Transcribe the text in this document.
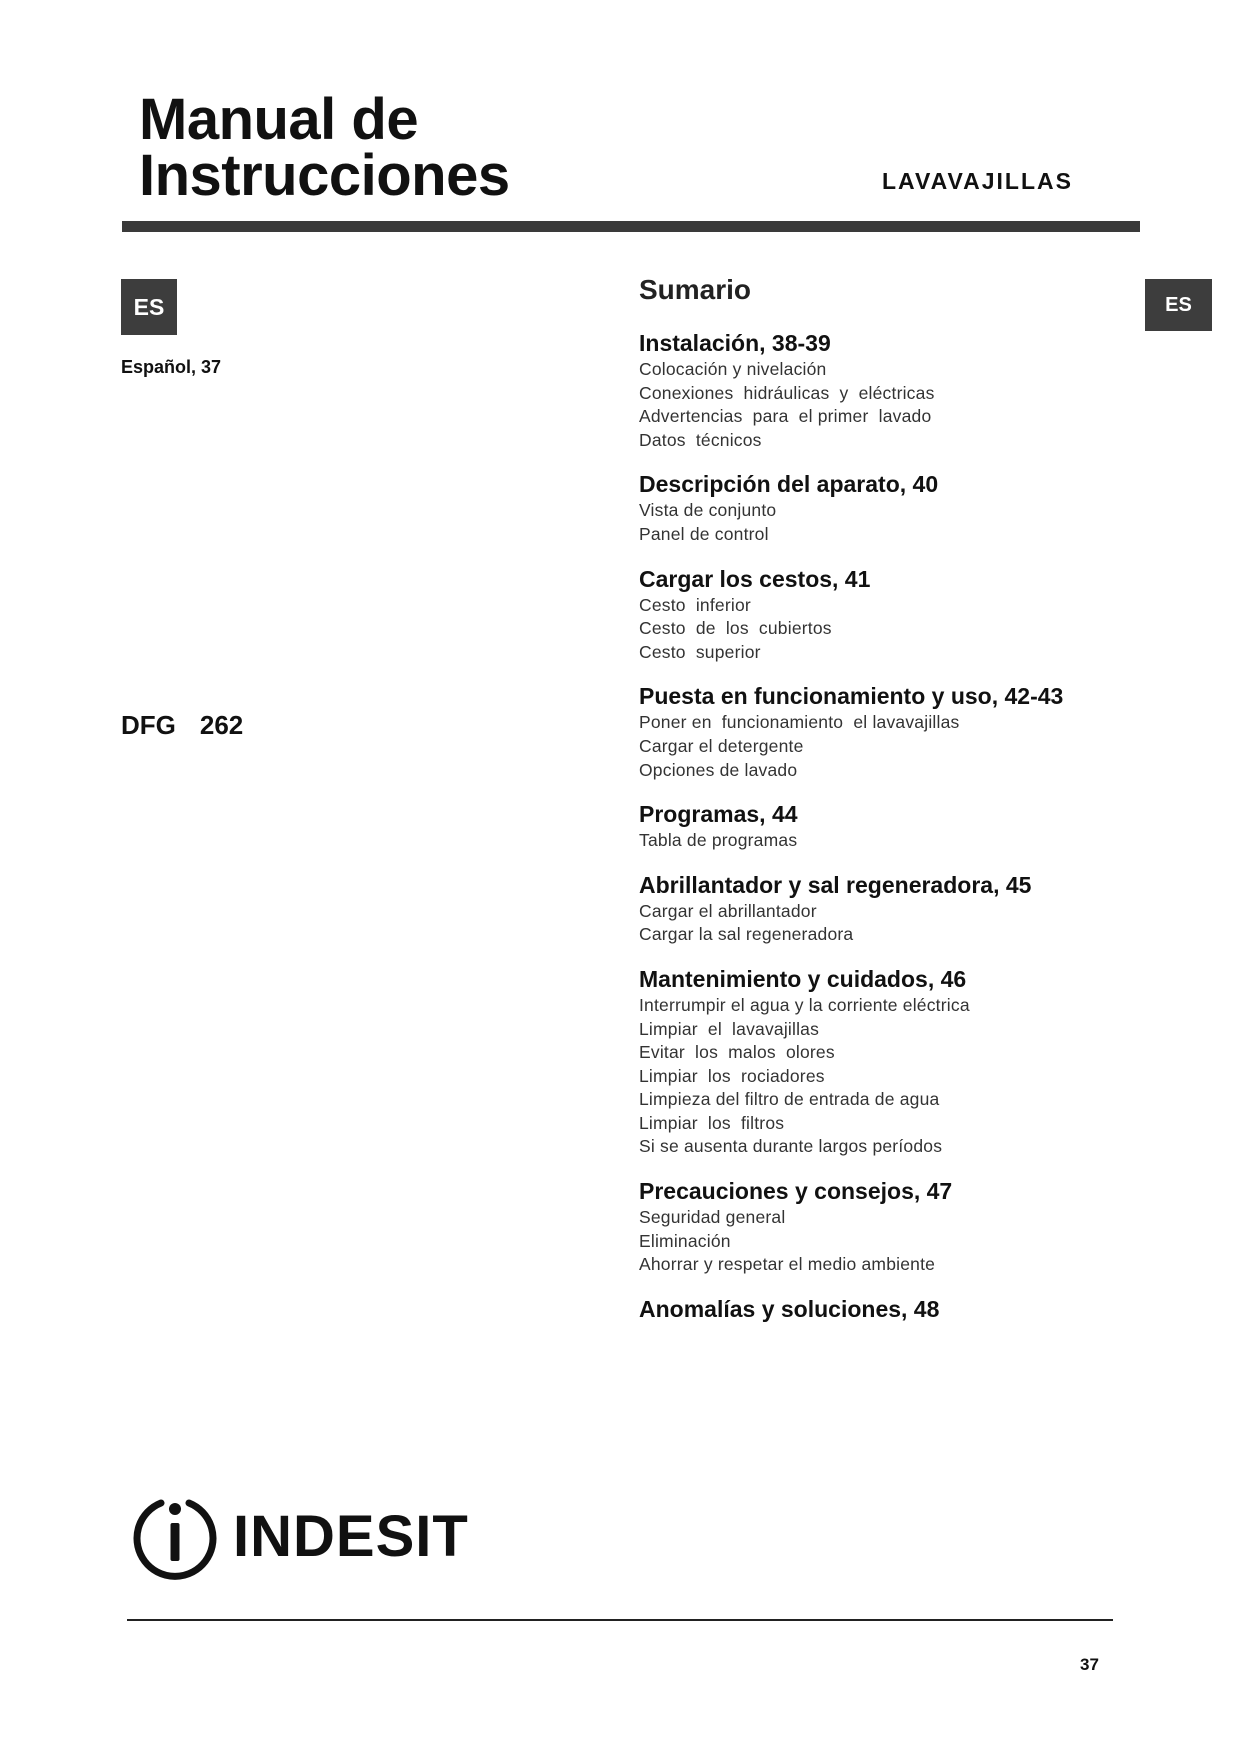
Manual de
Instrucciones	LAVAVAJILLAS
ES	ES
Español, 37
DFG 262
Sumario
Instalación, 38-39
Colocación y nivelación
Conexiones  hidráulicas  y  eléctricas
Advertencias  para  el primer  lavado
Datos  técnicos
Descripción del aparato, 40
Vista de conjunto
Panel de control
Cargar los cestos, 41
Cesto  inferior
Cesto  de  los  cubiertos
Cesto  superior
Puesta en funcionamiento y uso, 42-43
Poner en  funcionamiento  el lavavajillas
Cargar el detergente
Opciones de lavado
Programas, 44
Tabla de programas
Abrillantador y sal regeneradora, 45
Cargar el abrillantador
Cargar la sal regeneradora
Mantenimiento y cuidados, 46
Interrumpir el agua y la corriente eléctrica
Limpiar  el  lavavajillas
Evitar  los  malos  olores
Limpiar  los  rociadores
Limpieza del filtro de entrada de agua
Limpiar  los  filtros
Si se ausenta durante largos períodos
Precauciones y consejos, 47
Seguridad general
Eliminación
Ahorrar y respetar el medio ambiente
Anomalías y soluciones, 48
INDESIT
37
